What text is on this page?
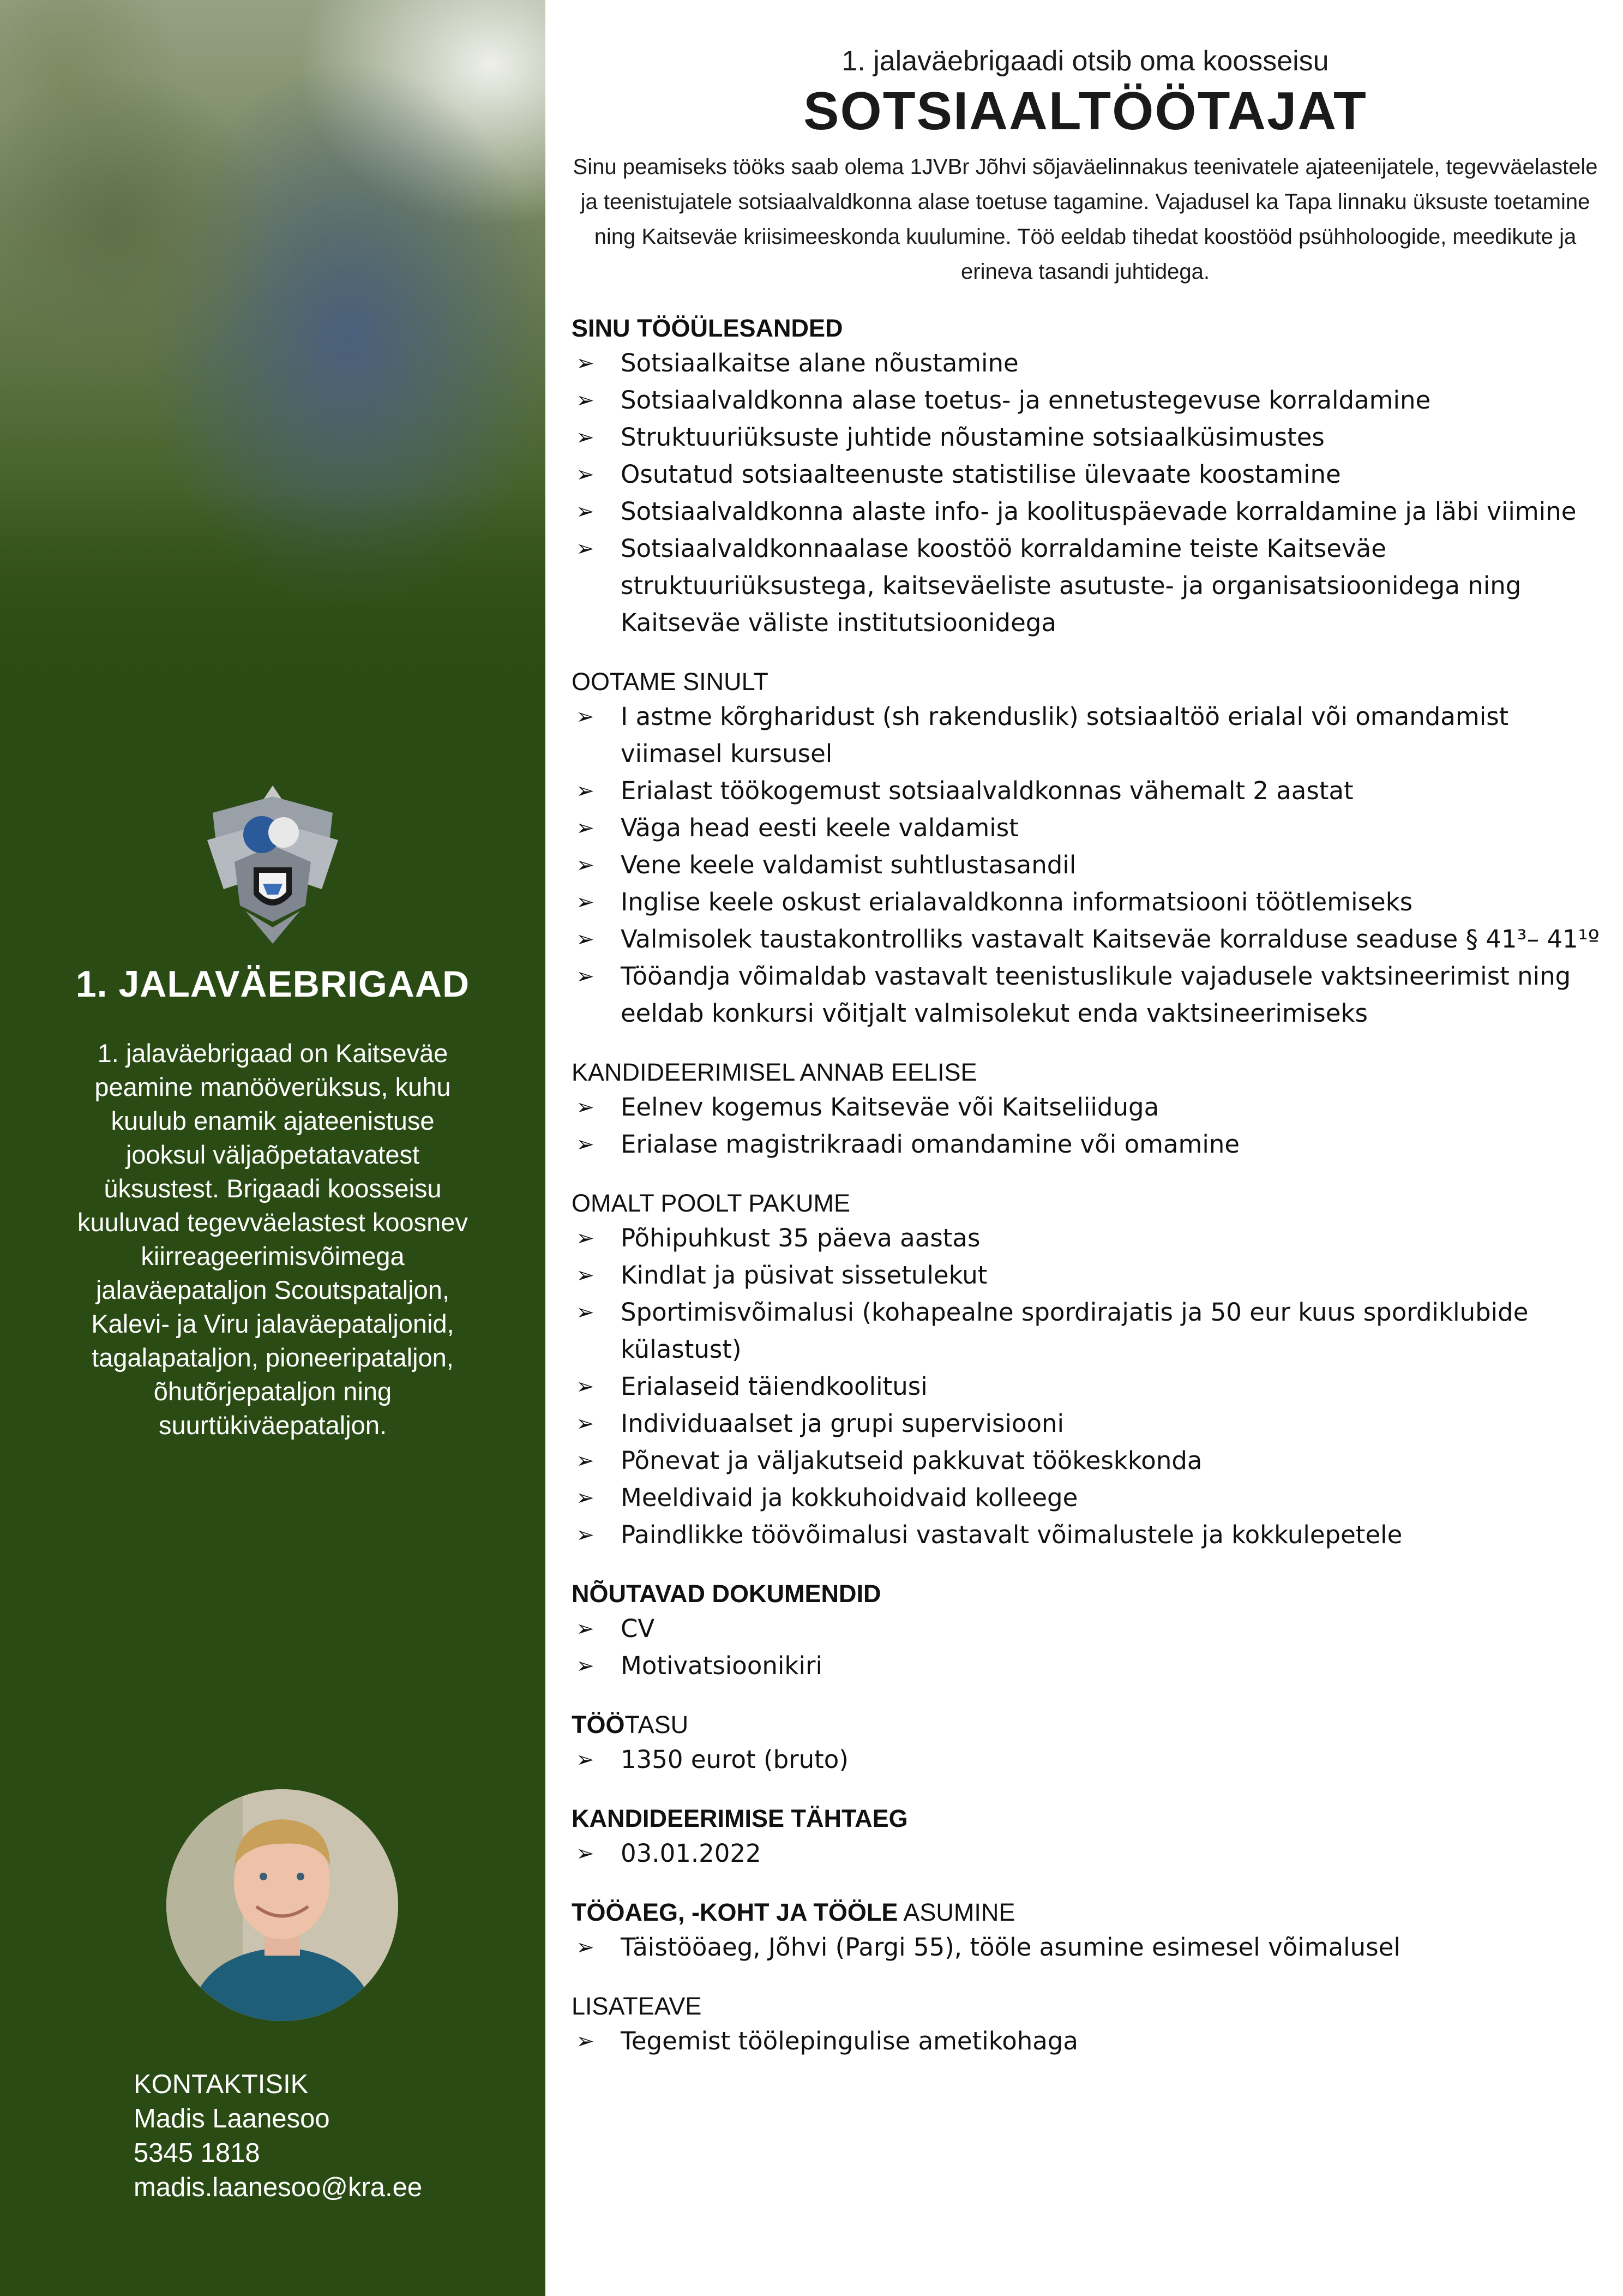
1. JALAVÄEBRIGAAD
1. jalaväebrigaad on Kaitseväe peamine manööverüksus, kuhu kuulub enamik ajateenistuse jooksul väljaõpetatavatest üksustest. Brigaadi koosseisu kuuluvad tegevväelastest koosnev kiirreageerimisvõimega jalaväepataljon Scoutspataljon, Kalevi- ja Viru jalaväepataljonid, tagalapataljon, pioneeripataljon, õhutõrjepataljon ning suurtükiväepataljon.
KONTAKTISIK
Madis Laanesoo
5345 1818
madis.laanesoo@kra.ee
1. jalaväebrigaadi otsib oma koosseisu
SOTSIAALTÖÖTAJAT

Sinu peamiseks tööks saab olema 1JVBr Jõhvi sõjaväelinnakus teenivatele ajateenijatele, tegevväelastele ja teenistujatele sotsiaalvaldkonna alase toetuse tagamine. Vajadusel ka Tapa linnaku üksuste toetamine ning Kaitseväe kriisimeeskonda kuulumine. Töö eeldab tihedat koostööd psühholoogide, meedikute ja erineva tasandi juhtidega.

SINU TÖÖÜLESANDED
➢ Sotsiaalkaitse alane nõustamine
➢ Sotsiaalvaldkonna alase toetus- ja ennetustegevuse korraldamine
➢ Struktuuriüksuste juhtide nõustamine sotsiaalküsimustes
➢ Osutatud sotsiaalteenuste statistilise ülevaate koostamine
➢ Sotsiaalvaldkonna alaste info- ja koolituspäevade korraldamine ja läbi viimine
➢ Sotsiaalvaldkonnaalase koostöö korraldamine teiste Kaitseväe struktuuriüksustega, kaitseväeliste asutuste- ja organisatsioonidega ning Kaitseväe väliste institutsioonidega
OOTAME SINULT
➢ I astme kõrgharidust (sh rakenduslik) sotsiaaltöö erialal või omandamist viimasel kursusel
➢ Erialast töökogemust sotsiaalvaldkonnas vähemalt 2 aastat
➢ Väga head eesti keele valdamist
➢ Vene keele valdamist suhtlustasandil
➢ Inglise keele oskust erialavaldkonna informatsiooni töötlemiseks
➢ Valmisolek taustakontrolliks vastavalt Kaitseväe korralduse seaduse § 41³– 41¹º
➢ Tööandja võimaldab vastavalt teenistuslikule vajadusele vaktsineerimist ning eeldab konkursi võitjalt valmisolekut enda vaktsineerimiseks
KANDIDEERIMISEL ANNAB EELISE
➢ Eelnev kogemus Kaitseväe või Kaitseliiduga
➢ Erialase magistrikraadi omandamine või omamine
OMALT POOLT PAKUME
➢ Põhipuhkust 35 päeva aastas
➢ Kindlat ja püsivat sissetulekut
➢ Sportimisvõimalusi (kohapealne spordirajatis ja 50 eur kuus spordiklubide külastust)
➢ Erialaseid täiendkoolitusi
➢ Individuaalset ja grupi supervisiooni
➢ Põnevat ja väljakutseid pakkuvat töökeskkonda
➢ Meeldivaid ja kokkuhoidvaid kolleege
➢ Paindlikke töövõimalusi vastavalt võimalustele ja kokkulepetele
NÕUTAVAD DOKUMENDID
➢ CV
➢ Motivatsioonikiri
TÖÖTASU
➢ 1350 eurot (bruto)
KANDIDEERIMISE TÄHTAEG
➢ 03.01.2022
TÖÖAEG, -KOHT JA TÖÖLE ASUMINE
➢ Täistööaeg, Jõhvi (Pargi 55), tööle asumine esimesel võimalusel
LISATEAVE
➢ Tegemist töölepingulise ametikohaga
